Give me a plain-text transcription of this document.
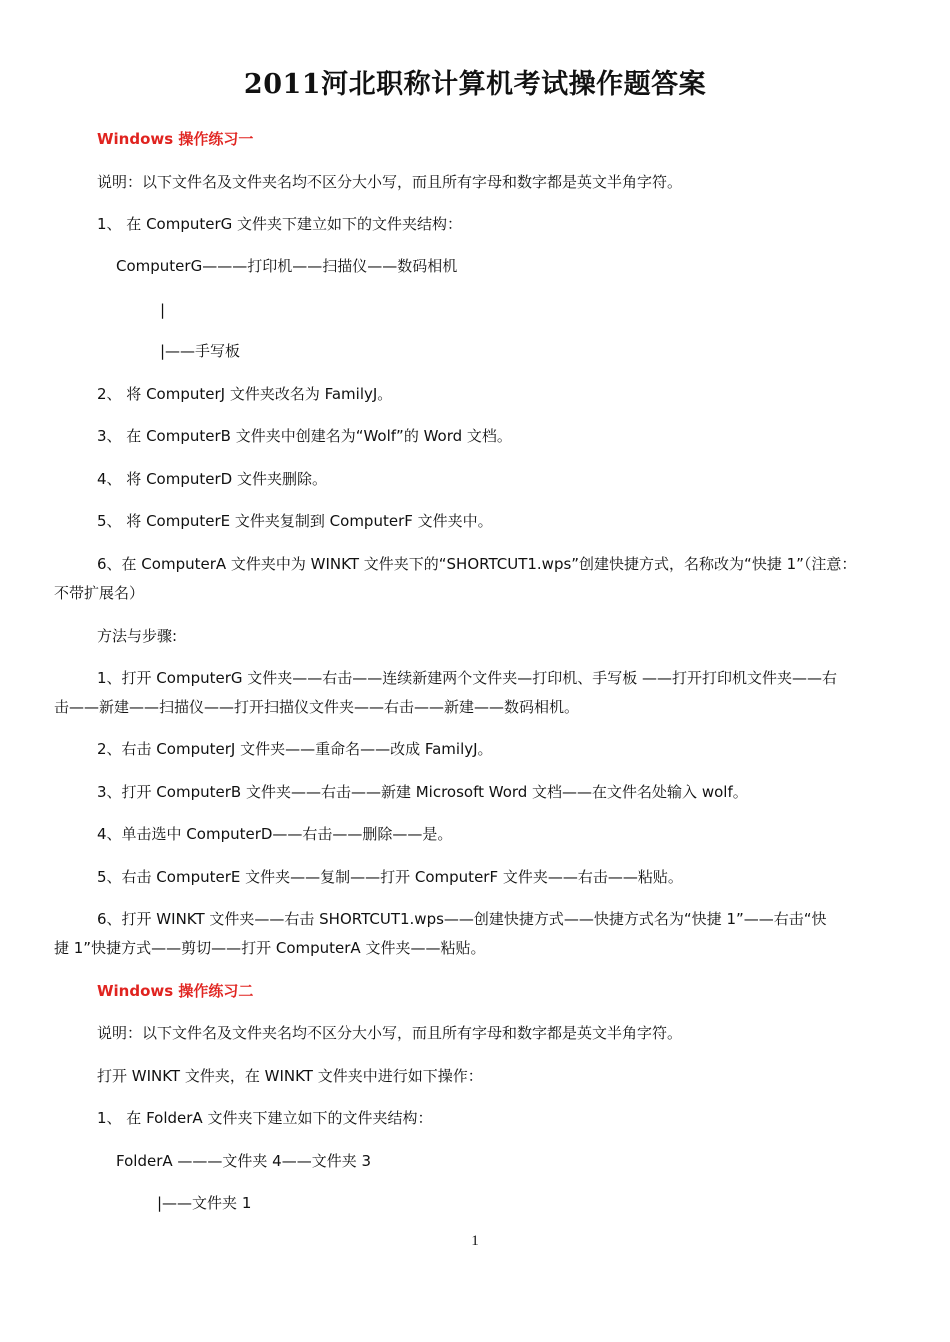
2011河北职称计算机考试操作题答案
Windows 操作练习一
说明：以下文件名及文件夹名均不区分大小写，而且所有字母和数字都是英文半角字符。
1、 在 ComputerG 文件夹下建立如下的文件夹结构：
ComputerG———打印机——扫描仪——数码相机
|
|——手写板
2、 将 ComputerJ 文件夹改名为 FamilyJ。
3、 在 ComputerB 文件夹中创建名为“Wolf”的 Word 文档。
4、 将 ComputerD 文件夹删除。
5、 将 ComputerE 文件夹复制到 ComputerF 文件夹中。
6、在 ComputerA 文件夹中为 WINKT 文件夹下的“SHORTCUT1.wps”创建快捷方式，名称改为“快捷 1”（注意：
不带扩展名）
方法与步骤:
1、打开 ComputerG 文件夹——右击——连续新建两个文件夹—打印机、手写板 ——打开打印机文件夹——右
击——新建——扫描仪——打开扫描仪文件夹——右击——新建——数码相机。
2、右击 ComputerJ 文件夹——重命名——改成 FamilyJ。
3、打开 ComputerB 文件夹——右击——新建 Microsoft Word 文档——在文件名处输入 wolf。
4、单击选中 ComputerD——右击——删除——是。
5、右击 ComputerE 文件夹——复制——打开 ComputerF 文件夹——右击——粘贴。
6、打开 WINKT 文件夹——右击 SHORTCUT1.wps——创建快捷方式——快捷方式名为“快捷 1”——右击“快
捷 1”快捷方式——剪切——打开 ComputerA 文件夹——粘贴。
Windows 操作练习二
说明：以下文件名及文件夹名均不区分大小写，而且所有字母和数字都是英文半角字符。
打开 WINKT 文件夹，在 WINKT 文件夹中进行如下操作：
1、 在 FolderA 文件夹下建立如下的文件夹结构：
FolderA ———文件夹 4——文件夹 3
|——文件夹 1
1
